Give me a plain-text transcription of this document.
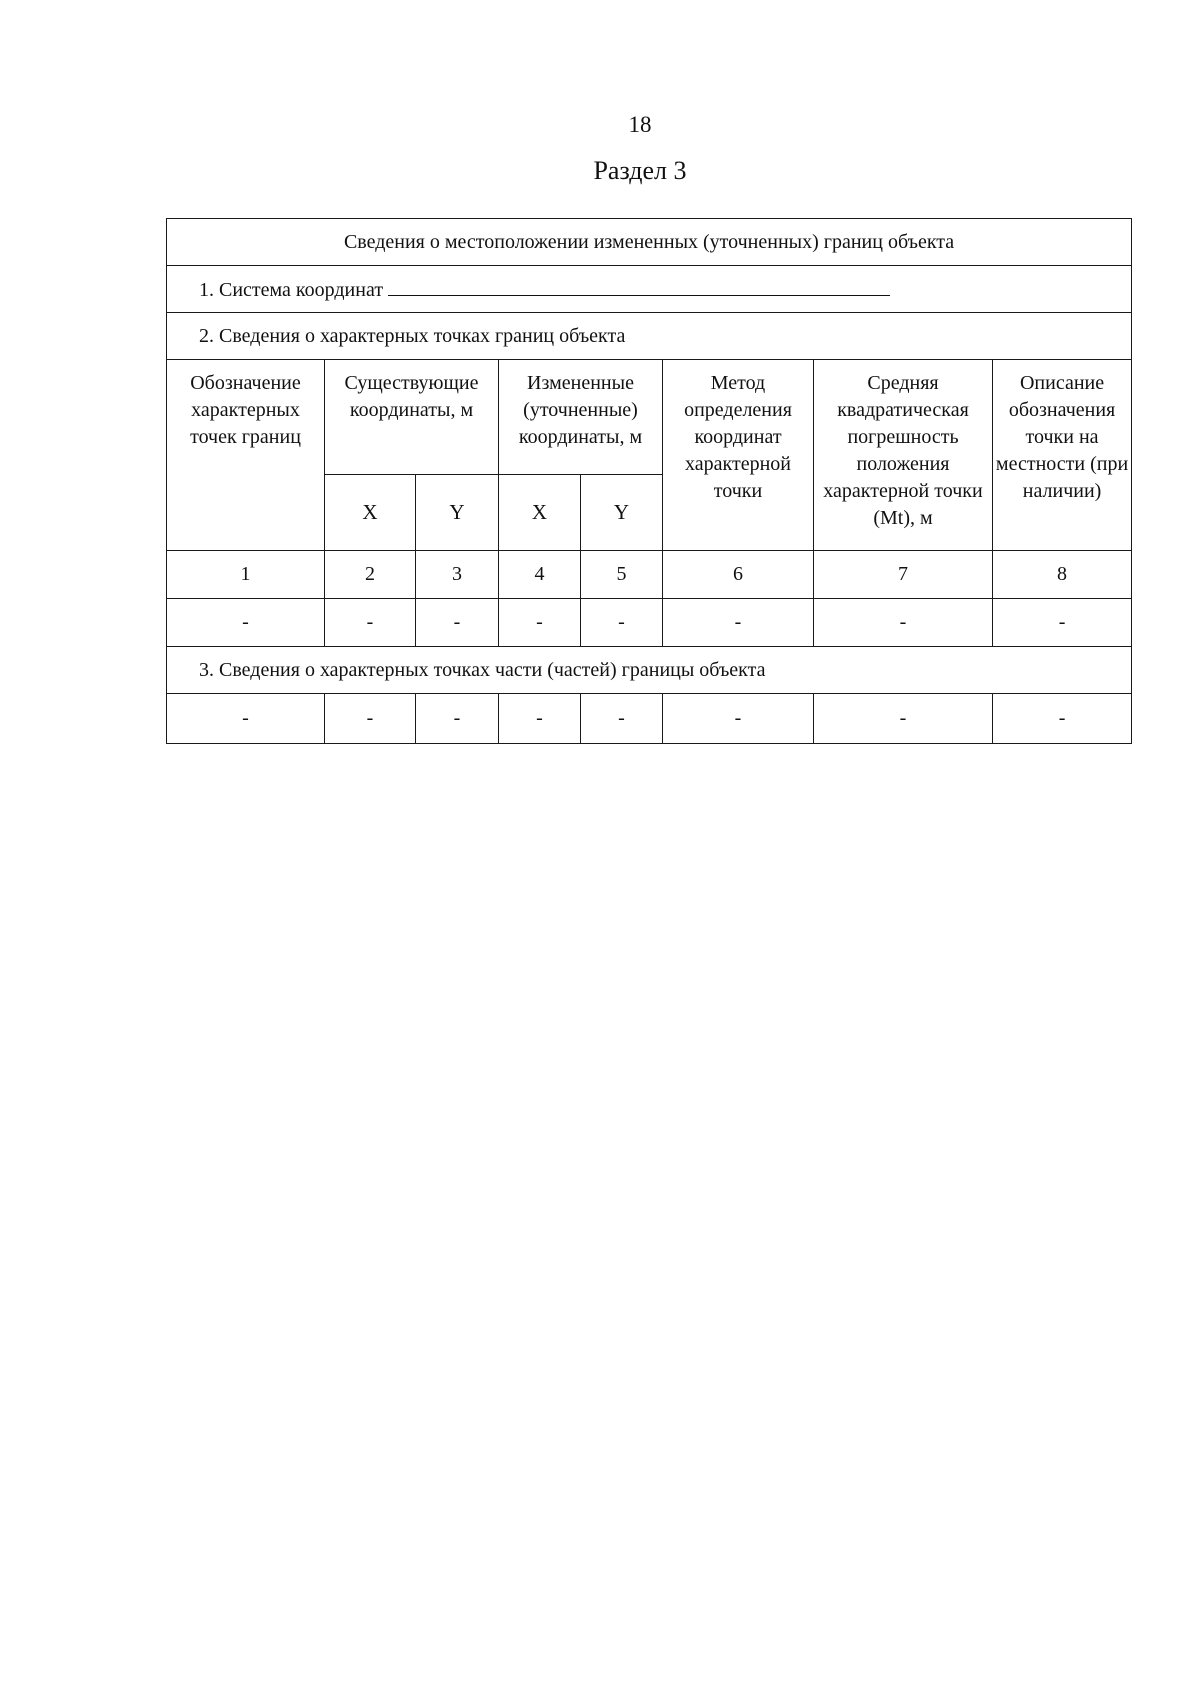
18
Раздел 3
Сведения о местоположении измененных (уточненных) границ объекта							
1. Система координат							
2. Сведения о характерных точках границ объекта							
Обозначение характерных точек границ	Существующие координаты, м		Измененные (уточненные) координаты, м		Метод определения координат характерной точки	Средняя квадратическая погрешность положения характерной точки (Mt), м	Описание обозначения точки на местности (при наличии)
	X	Y	X	Y			
1	2	3	4	5	6	7	8
-	-	-	-	-	-	-	-
3. Сведения о характерных точках части (частей) границы объекта							
-	-	-	-	-	-	-	-
